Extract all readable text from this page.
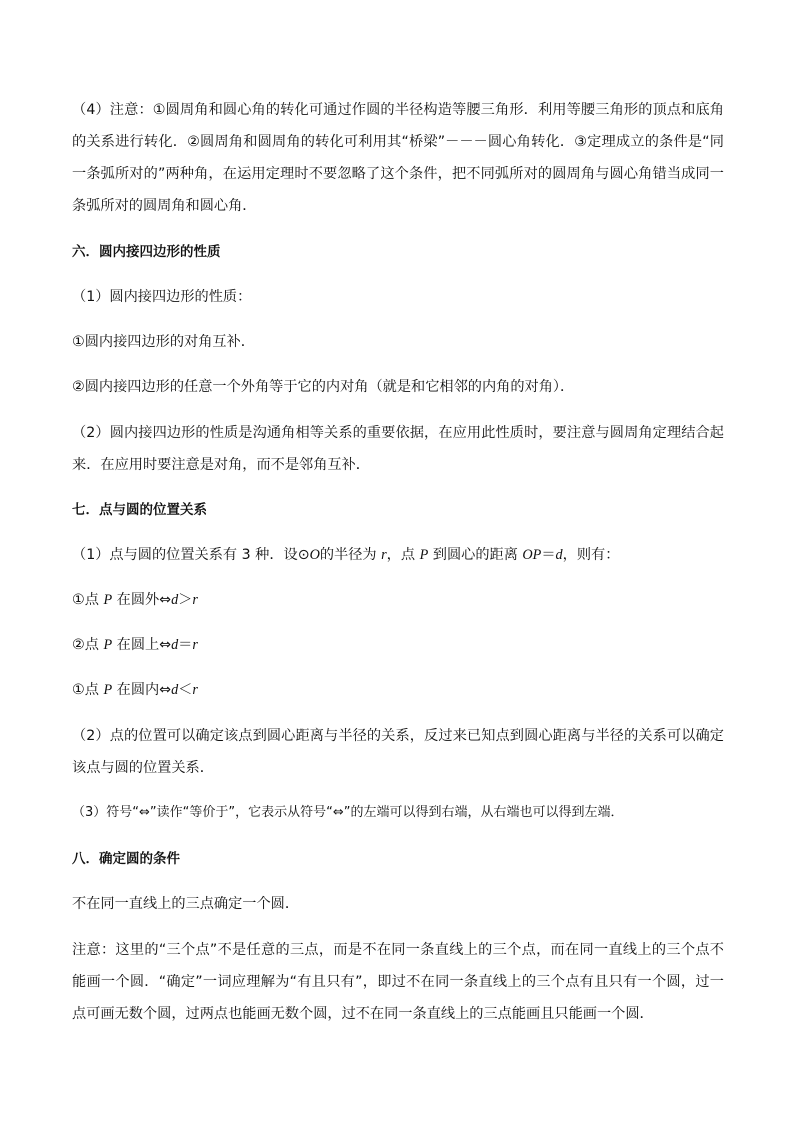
（4）注意：①圆周角和圆心角的转化可通过作圆的半径构造等腰三角形．利用等腰三角形的顶点和底角的关系进行转化．②圆周角和圆周角的转化可利用其“桥梁”－－－圆心角转化．③定理成立的条件是“同一条弧所对的”两种角，在运用定理时不要忽略了这个条件，把不同弧所对的圆周角与圆心角错当成同一条弧所对的圆周角和圆心角．
六．圆内接四边形的性质
（1）圆内接四边形的性质：
①圆内接四边形的对角互补．
②圆内接四边形的任意一个外角等于它的内对角（就是和它相邻的内角的对角）．
（2）圆内接四边形的性质是沟通角相等关系的重要依据，在应用此性质时，要注意与圆周角定理结合起来．在应用时要注意是对角，而不是邻角互补．
七．点与圆的位置关系
（1）点与圆的位置关系有 3 种．设⊙O的半径为 r，点 P 到圆心的距离 OP＝d，则有：
①点 P 在圆外⇔d＞r
②点 P 在圆上⇔d＝r
①点 P 在圆内⇔d＜r
（2）点的位置可以确定该点到圆心距离与半径的关系，反过来已知点到圆心距离与半径的关系可以确定该点与圆的位置关系．
（3）符号“⇔”读作“等价于”，它表示从符号“⇔”的左端可以得到右端，从右端也可以得到左端．
八．确定圆的条件
不在同一直线上的三点确定一个圆．
注意：这里的“三个点”不是任意的三点，而是不在同一条直线上的三个点，而在同一直线上的三个点不能画一个圆．“确定”一词应理解为“有且只有”，即过不在同一条直线上的三个点有且只有一个圆，过一点可画无数个圆，过两点也能画无数个圆，过不在同一条直线上的三点能画且只能画一个圆．
